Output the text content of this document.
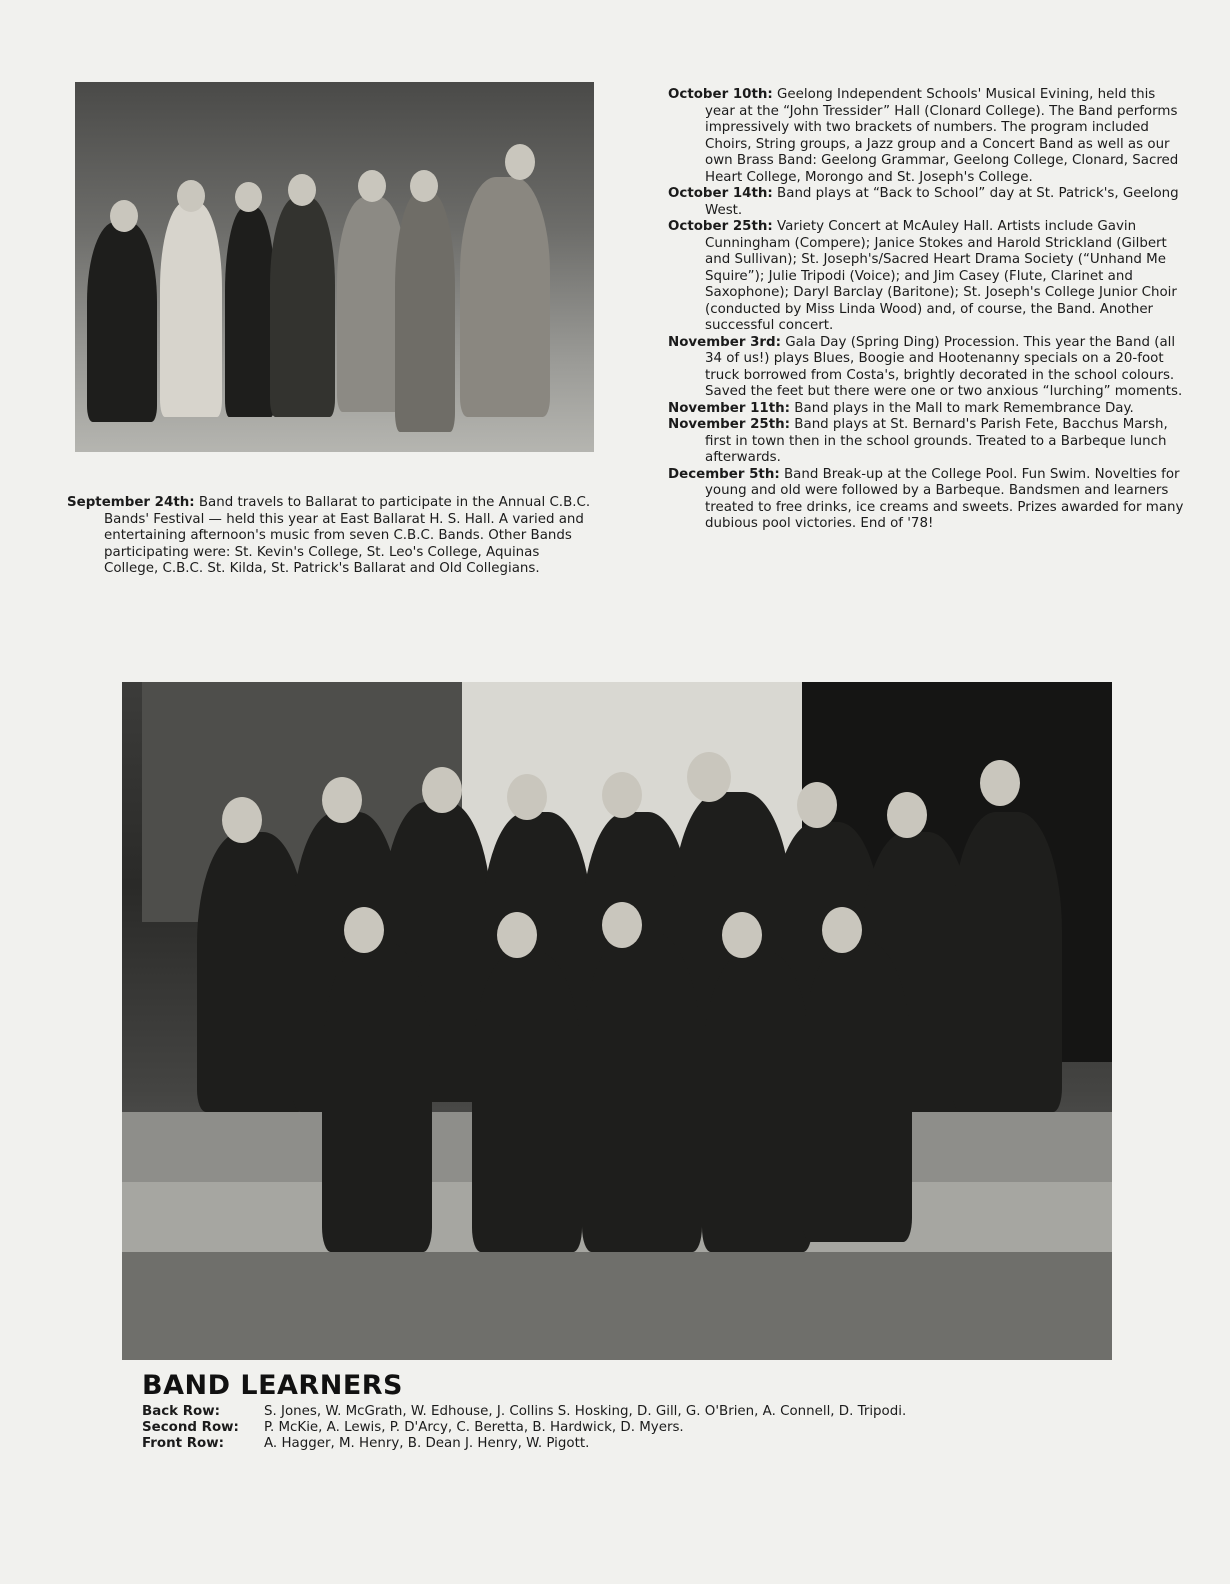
October 10th: Geelong Independent Schools' Musical Evining, held this year at the “John Tressider” Hall (Clonard College). The Band performs impressively with two brackets of numbers. The program included Choirs, String groups, a Jazz group and a Concert Band as well as our own Brass Band: Geelong Grammar, Geelong College, Clonard, Sacred Heart College, Morongo and St. Joseph's College.

October 14th: Band plays at “Back to School” day at St. Patrick's, Geelong West.

October 25th: Variety Concert at McAuley Hall. Artists include Gavin Cunningham (Compere); Janice Stokes and Harold Strickland (Gilbert and Sullivan); St. Joseph's/Sacred Heart Drama Society (“Unhand Me Squire”); Julie Tripodi (Voice); and Jim Casey (Flute, Clarinet and Saxophone); Daryl Barclay (Baritone); St. Joseph's College Junior Choir (conducted by Miss Linda Wood) and, of course, the Band. Another successful concert.

November 3rd: Gala Day (Spring Ding) Procession. This year the Band (all 34 of us!) plays Blues, Boogie and Hootenanny specials on a 20-foot truck borrowed from Costa's, brightly decorated in the school colours. Saved the feet but there were one or two anxious “lurching” moments.

November 11th: Band plays in the Mall to mark Remembrance Day.

November 25th: Band plays at St. Bernard's Parish Fete, Bacchus Marsh, first in town then in the school grounds. Treated to a Barbeque lunch afterwards.

December 5th: Band Break-up at the College Pool. Fun Swim. Novelties for young and old were followed by a Barbeque. Bandsmen and learners treated to free drinks, ice creams and sweets. Prizes awarded for many dubious pool victories. End of '78!

September 24th: Band travels to Ballarat to participate in the Annual C.B.C. Bands' Festival — held this year at East Ballarat H. S. Hall. A varied and entertaining afternoon's music from seven C.B.C. Bands. Other Bands participating were: St. Kevin's College, St. Leo's College, Aquinas College, C.B.C. St. Kilda, St. Patrick's Ballarat and Old Collegians.

BAND LEARNERS
Back Row:	S. Jones, W. McGrath, W. Edhouse, J. Collins S. Hosking, D. Gill, G. O'Brien, A. Connell, D. Tripodi.
Second Row:	P. McKie, A. Lewis, P. D'Arcy, C. Beretta, B. Hardwick, D. Myers.
Front Row:	A. Hagger, M. Henry, B. Dean J. Henry, W. Pigott.
